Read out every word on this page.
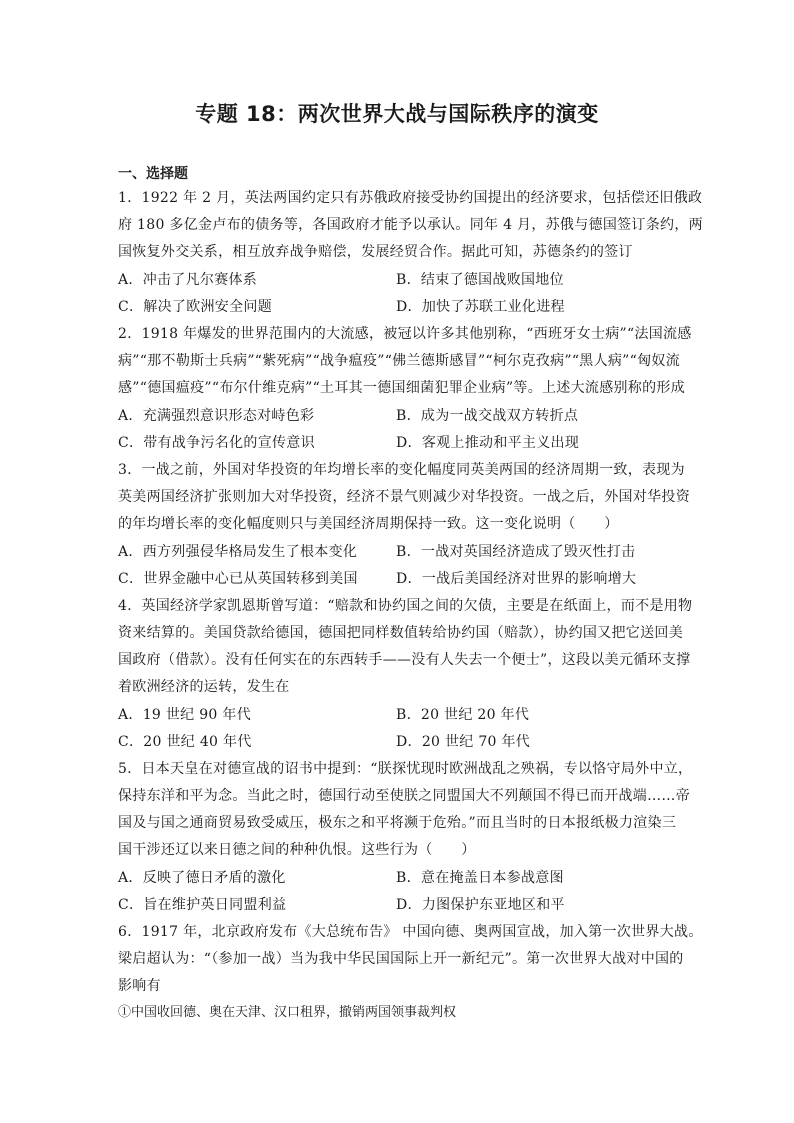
专题 18：两次世界大战与国际秩序的演变
一、选择题
1．1922 年 2 月，英法两国约定只有苏俄政府接受协约国提出的经济要求，包括偿还旧俄政
府 180 多亿金卢布的债务等，各国政府才能予以承认。同年 4 月，苏俄与德国签订条约，两
国恢复外交关系，相互放弃战争赔偿，发展经贸合作。据此可知，苏德条约的签订
A．冲击了凡尔赛体系	B．结束了德国战败国地位
C．解决了欧洲安全问题	D．加快了苏联工业化进程
2．1918 年爆发的世界范围内的大流感，被冠以许多其他别称，“西班牙女士病”“法国流感
病”“那不勒斯士兵病”“紫死病”“战争瘟疫”“佛兰德斯感冒”“柯尔克孜病”“黑人病”“匈奴流
感”“德国瘟疫”“布尔什维克病”“土耳其一德国细菌犯罪企业病”等。上述大流感别称的形成
A．充满强烈意识形态对峙色彩	B．成为一战交战双方转折点
C．带有战争污名化的宣传意识	D．客观上推动和平主义出现
3．一战之前，外国对华投资的年均增长率的变化幅度同英美两国的经济周期一致，表现为
英美两国经济扩张则加大对华投资，经济不景气则减少对华投资。一战之后，外国对华投资
的年均增长率的变化幅度则只与美国经济周期保持一致。这一变化说明（　　）
A．西方列强侵华格局发生了根本变化	B．一战对英国经济造成了毁灭性打击
C．世界金融中心已从英国转移到美国	D．一战后美国经济对世界的影响增大
4．英国经济学家凯恩斯曾写道：“赔款和协约国之间的欠债，主要是在纸面上，而不是用物
资来结算的。美国贷款给德国，德国把同样数值转给协约国（赔款），协约国又把它送回美
国政府（借款）。没有任何实在的东西转手——没有人失去一个便士”，这段以美元循环支撑
着欧洲经济的运转，发生在
A．19 世纪 90 年代	B．20 世纪 20 年代
C．20 世纪 40 年代	D．20 世纪 70 年代
5．日本天皇在对德宣战的诏书中提到：“朕探忧现时欧洲战乱之殃祸，专以恪守局外中立，
保持东洋和平为念。当此之时，德国行动至使朕之同盟国大不列颠国不得已而开战端……帝
国及与国之通商贸易致受威压，极东之和平将濒于危殆。”而且当时的日本报纸极力渲染三
国干涉还辽以来日德之间的种种仇恨。这些行为（　　）
A．反映了德日矛盾的激化	B．意在掩盖日本参战意图
C．旨在维护英日同盟利益	D．力图保护东亚地区和平
6．1917 年，北京政府发布《大总统布告》 中国向德、奥两国宣战，加入第一次世界大战。
梁启超认为：“（参加一战）当为我中华民国国际上开一新纪元”。第一次世界大战对中国的
影响有
①中国收回德、奥在天津、汉口租界，撤销两国领事裁判权
